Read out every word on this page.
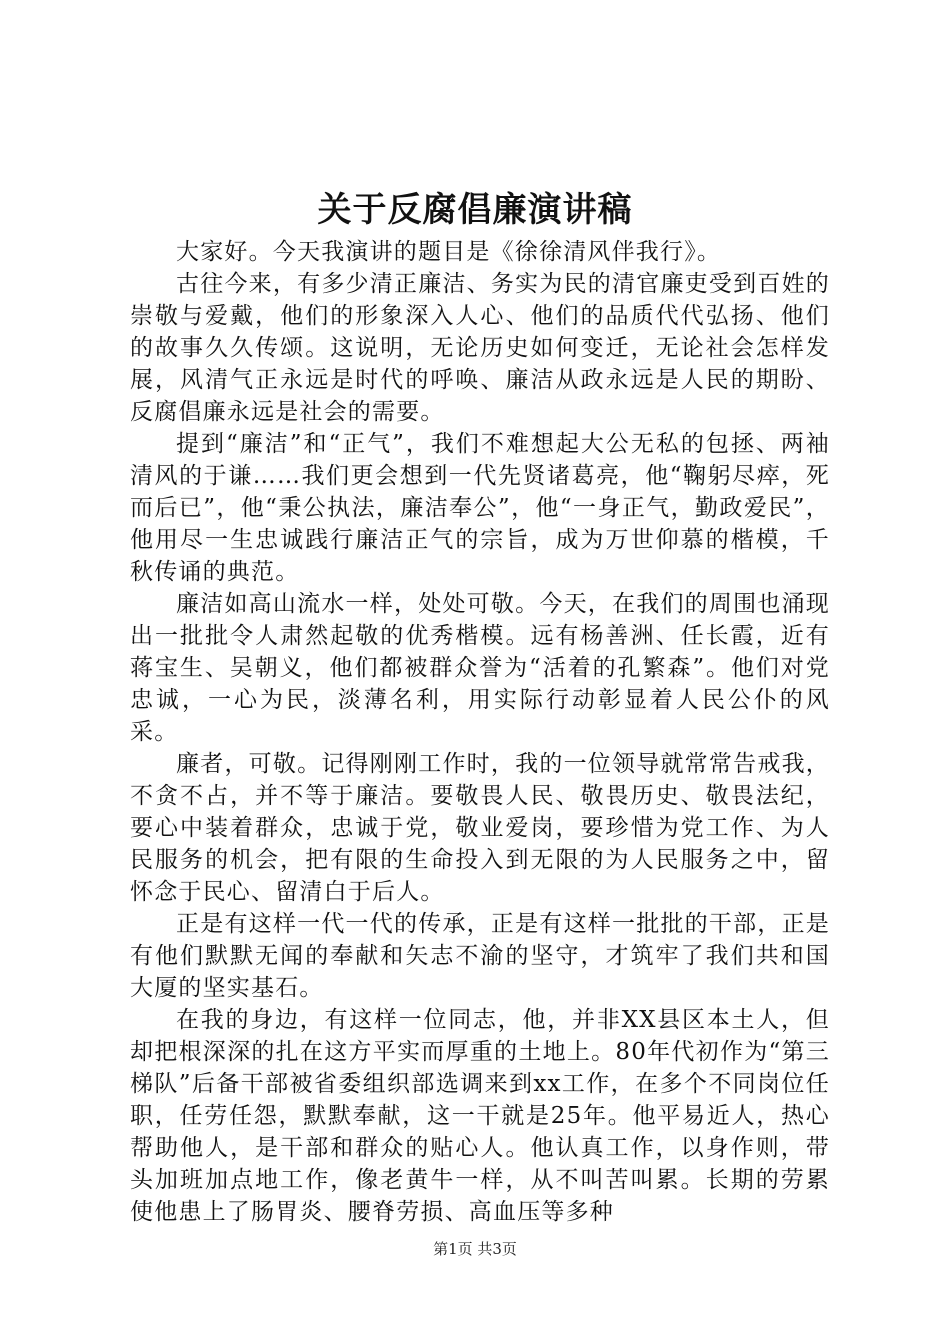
关于反腐倡廉演讲稿

大家好。今天我演讲的题目是《徐徐清风伴我行》。

古往今来，有多少清正廉洁、务实为民的清官廉吏受到百姓的崇敬与爱戴，他们的形象深入人心、他们的品质代代弘扬、他们的故事久久传颂。这说明，无论历史如何变迁，无论社会怎样发展，风清气正永远是时代的呼唤、廉洁从政永远是人民的期盼、反腐倡廉永远是社会的需要。

提到“廉洁”和“正气”，我们不难想起大公无私的包拯、两袖清风的于谦……我们更会想到一代先贤诸葛亮，他“鞠躬尽瘁，死而后已”，他“秉公执法，廉洁奉公”，他“一身正气，勤政爱民”，他用尽一生忠诚践行廉洁正气的宗旨，成为万世仰慕的楷模，千秋传诵的典范。

廉洁如高山流水一样，处处可敬。今天，在我们的周围也涌现出一批批令人肃然起敬的优秀楷模。远有杨善洲、任长霞，近有蒋宝生、吴朝义，他们都被群众誉为“活着的孔繁森”。他们对党忠诚，一心为民，淡薄名利，用实际行动彰显着人民公仆的风采。

廉者，可敬。记得刚刚工作时，我的一位领导就常常告戒我，不贪不占，并不等于廉洁。要敬畏人民、敬畏历史、敬畏法纪，要心中装着群众，忠诚于党，敬业爱岗，要珍惜为党工作、为人民服务的机会，把有限的生命投入到无限的为人民服务之中，留怀念于民心、留清白于后人。

正是有这样一代一代的传承，正是有这样一批批的干部，正是有他们默默无闻的奉献和矢志不渝的坚守，才筑牢了我们共和国大厦的坚实基石。

在我的身边，有这样一位同志，他，并非XX县区本土人，但却把根深深的扎在这方平实而厚重的土地上。80年代初作为“第三梯队”后备干部被省委组织部选调来到xx工作，在多个不同岗位任职，任劳任怨，默默奉献，这一干就是25年。他平易近人，热心帮助他人，是干部和群众的贴心人。他认真工作，以身作则，带头加班加点地工作，像老黄牛一样，从不叫苦叫累。长期的劳累使他患上了肠胃炎、腰脊劳损、高血压等多种

第1页 共3页
